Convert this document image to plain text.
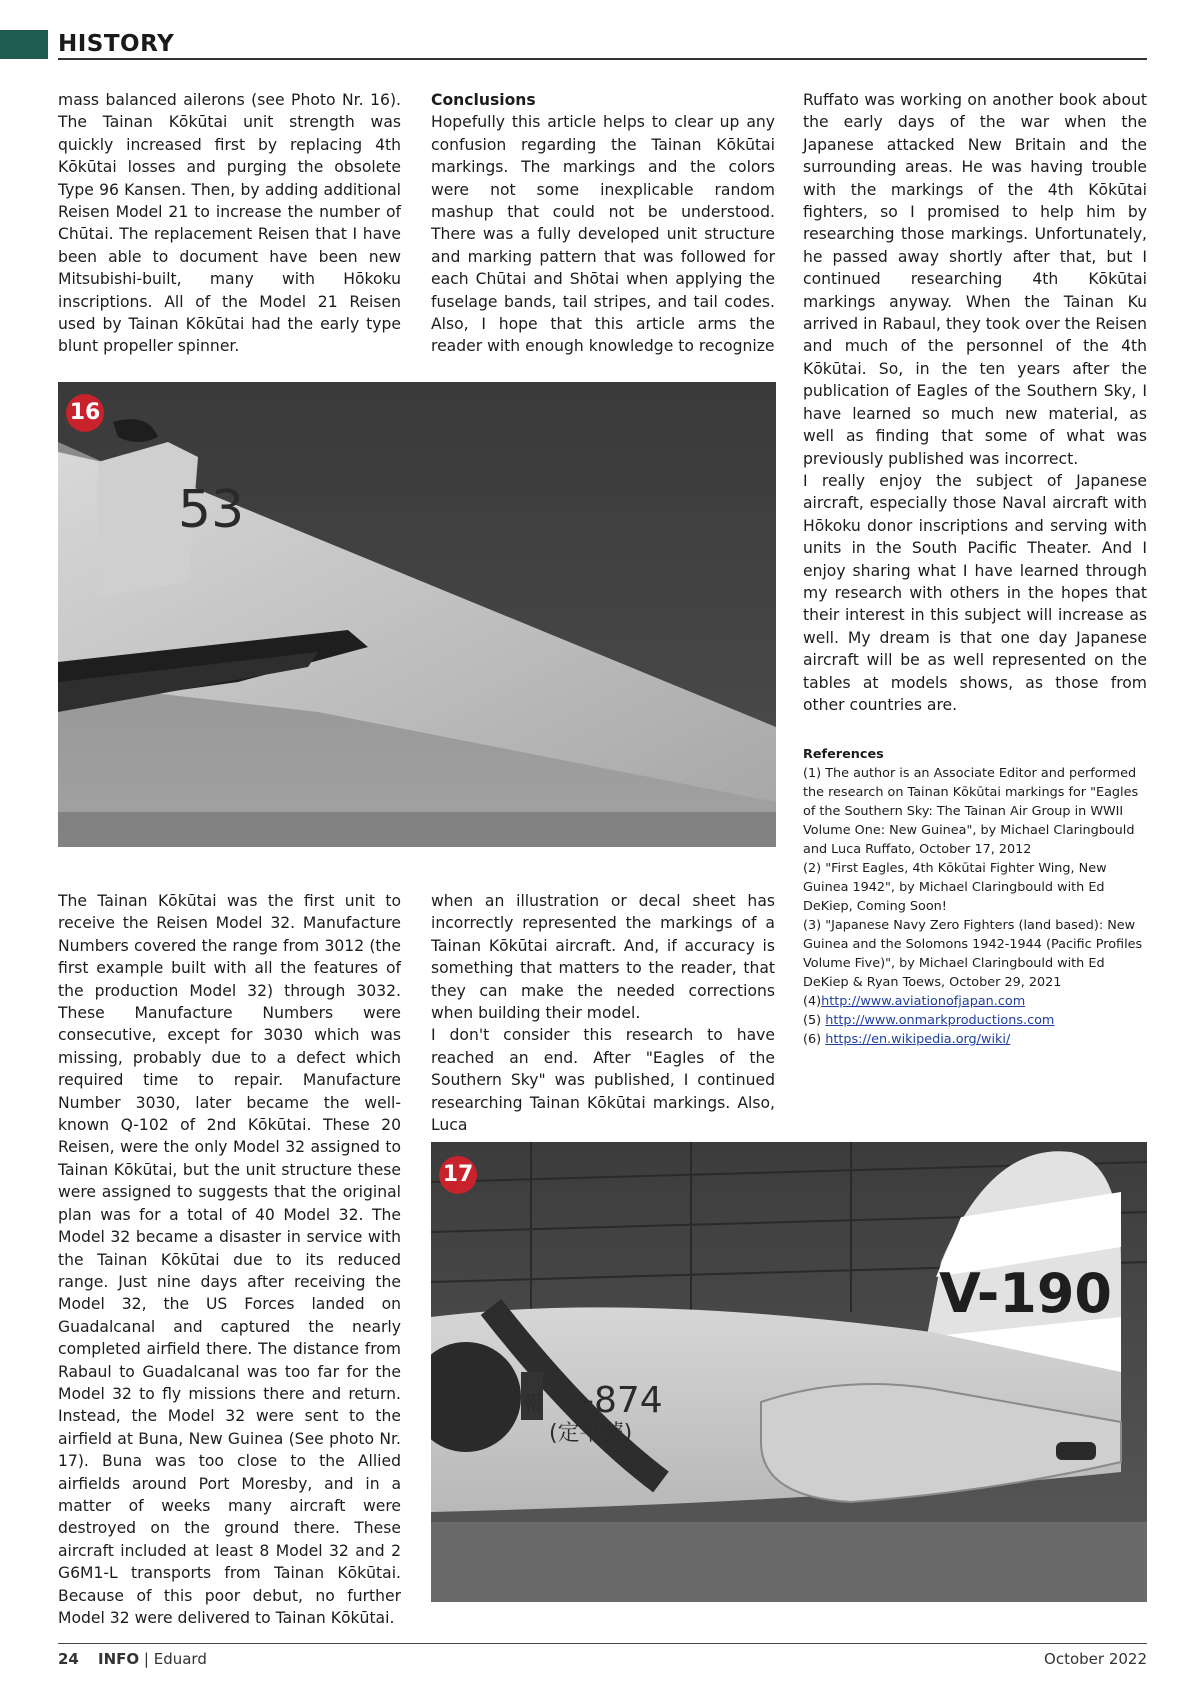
HISTORY

mass balanced ailerons (see Photo Nr. 16). The Tainan Kōkūtai unit strength was quickly increased first by replacing 4th Kōkūtai losses and purging the obsolete Type 96 Kansen. Then, by adding additional Reisen Model 21 to increase the number of Chūtai. The replacement Reisen that I have been able to document have been new Mitsubishi-built, many with Hōkoku inscriptions. All of the Model 21 Reisen used by Tainan Kōkūtai had the early type blunt propeller spinner.

Conclusions

Hopefully this article helps to clear up any confusion regarding the Tainan Kōkūtai markings. The markings and the colors were not some inexplicable random mashup that could not be understood. There was a fully developed unit structure and marking pattern that was followed for each Chūtai and Shōtai when applying the fuselage bands, tail stripes, and tail codes. Also, I hope that this article arms the reader with enough knowledge to recognize

Ruffato was working on another book about the early days of the war when the Japanese attacked New Britain and the surrounding areas. He was having trouble with the markings of the 4th Kōkūtai fighters, so I promised to help him by researching those markings. Unfortunately, he passed away shortly after that, but I continued researching 4th Kōkūtai markings anyway. When the Tainan Ku arrived in Rabaul, they took over the Reisen and much of the personnel of the 4th Kōkūtai. So, in the ten years after the publication of Eagles of the Southern Sky, I have learned so much new material, as well as finding that some of what was previously published was incorrect.

I really enjoy the subject of Japanese aircraft, especially those Naval aircraft with Hōkoku donor inscriptions and serving with units in the South Pacific Theater. And I enjoy sharing what I have learned through my research with others in the hopes that their interest in this subject will increase as well. My dream is that one day Japanese aircraft will be as well represented on the tables at models shows, as those from other countries are.

53
16

References

(1) The author is an Associate Editor and performed the research on Tainan Kōkūtai markings for "Eagles of the Southern Sky: The Tainan Air Group in WWII Volume One: New Guinea", by Michael Claringbould and Luca Ruffato, October 17, 2012

(2) "First Eagles, 4th Kōkūtai Fighter Wing, New Guinea 1942", by Michael Claringbould with Ed DeKiep, Coming Soon!

(3) "Japanese Navy Zero Fighters (land based): New Guinea and the Solomons 1942-1944 (Pacific Profiles Volume Five)", by Michael Claringbould with Ed DeKiep & Ryan Toews, October 29, 2021

(4)http://www.aviationofjapan.com

(5) http://www.onmarkproductions.com

(6) https://en.wikipedia.org/wiki/

The Tainan Kōkūtai was the first unit to receive the Reisen Model 32. Manufacture Numbers covered the range from 3012 (the first example built with all the features of the production Model 32) through 3032. These Manufacture Numbers were consecutive, except for 3030 which was missing, probably due to a defect which required time to repair. Manufacture Number 3030, later became the well-known Q-102 of 2nd Kōkūtai. These 20 Reisen, were the only Model 32 assigned to Tainan Kōkūtai, but the unit structure these were assigned to suggests that the original plan was for a total of 40 Model 32. The Model 32 became a disaster in service with the Tainan Kōkūtai due to its reduced range. Just nine days after receiving the Model 32, the US Forces landed on Guadalcanal and captured the nearly completed airfield there. The distance from Rabaul to Guadalcanal was too far for the Model 32 to fly missions there and return. Instead, the Model 32 were sent to the airfield at Buna, New Guinea (See photo Nr. 17). Buna was too close to the Allied airfields around Port Moresby, and in a matter of weeks many aircraft were destroyed on the ground there. These aircraft included at least 8 Model 32 and 2 G6M1-L transports from Tainan Kōkūtai. Because of this poor debut, no further Model 32 were delivered to Tainan Kōkūtai.

when an illustration or decal sheet has incorrectly represented the markings of a Tainan Kōkūtai aircraft. And, if accuracy is something that matters to the reader, that they can make the needed corrections when building their model.

I don't consider this research to have reached an end. After "Eagles of the Southern Sky" was published, I continued researching Tainan Kōkūtai markings. Also, Luca

V-190
-874
(定平號)
報
17
24 INFO | Eduard	October 2022
